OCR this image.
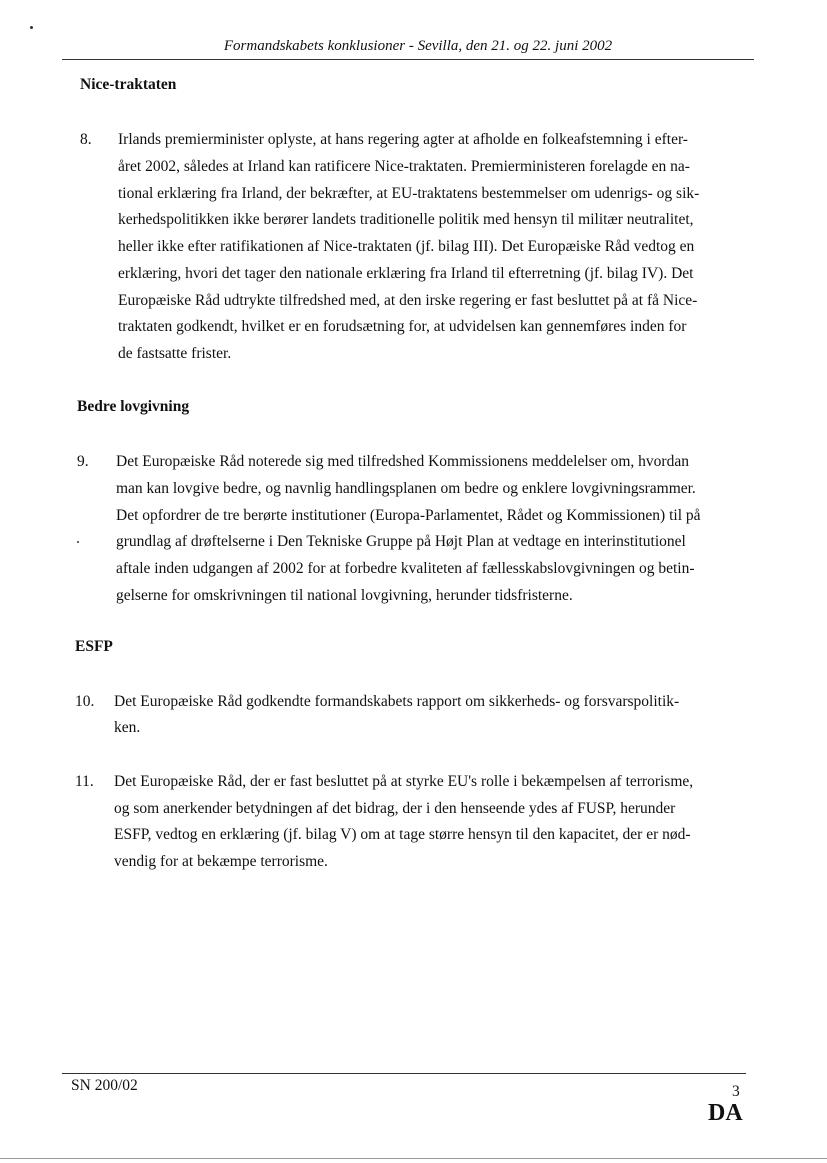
Formandskabets konklusioner - Sevilla, den 21. og 22. juni 2002
Nice-traktaten
8. Irlands premierminister oplyste, at hans regering agter at afholde en folkeafstemning i efter-
året 2002, således at Irland kan ratificere Nice-traktaten. Premierministeren forelagde en na-
tional erklæring fra Irland, der bekræfter, at EU-traktatens bestemmelser om udenrigs- og sik-
kerhedspolitikken ikke berører landets traditionelle politik med hensyn til militær neutralitet,
heller ikke efter ratifikationen af Nice-traktaten (jf. bilag III). Det Europæiske Råd vedtog en
erklæring, hvori det tager den nationale erklæring fra Irland til efterretning (jf. bilag IV). Det
Europæiske Råd udtrykte tilfredshed med, at den irske regering er fast besluttet på at få Nice-
traktaten godkendt, hvilket er en forudsætning for, at udvidelsen kan gennemføres inden for
de fastsatte frister.
Bedre lovgivning
9. Det Europæiske Råd noterede sig med tilfredshed Kommissionens meddelelser om, hvordan
man kan lovgive bedre, og navnlig handlingsplanen om bedre og enklere lovgivningsrammer.
Det opfordrer de tre berørte institutioner (Europa-Parlamentet, Rådet og Kommissionen) til på
grundlag af drøftelserne i Den Tekniske Gruppe på Højt Plan at vedtage en interinstitutionel
aftale inden udgangen af 2002 for at forbedre kvaliteten af fællesskabslovgivningen og betin-
gelserne for omskrivningen til national lovgivning, herunder tidsfristerne.
ESFP
10. Det Europæiske Råd godkendte formandskabets rapport om sikkerheds- og forsvarspolitik-
ken.
11. Det Europæiske Råd, der er fast besluttet på at styrke EU's rolle i bekæmpelsen af terrorisme,
og som anerkender betydningen af det bidrag, der i den henseende ydes af FUSP, herunder
ESFP, vedtog en erklæring (jf. bilag V) om at tage større hensyn til den kapacitet, der er nød-
vendig for at bekæmpe terrorisme.
SN 200/02	3
DA
